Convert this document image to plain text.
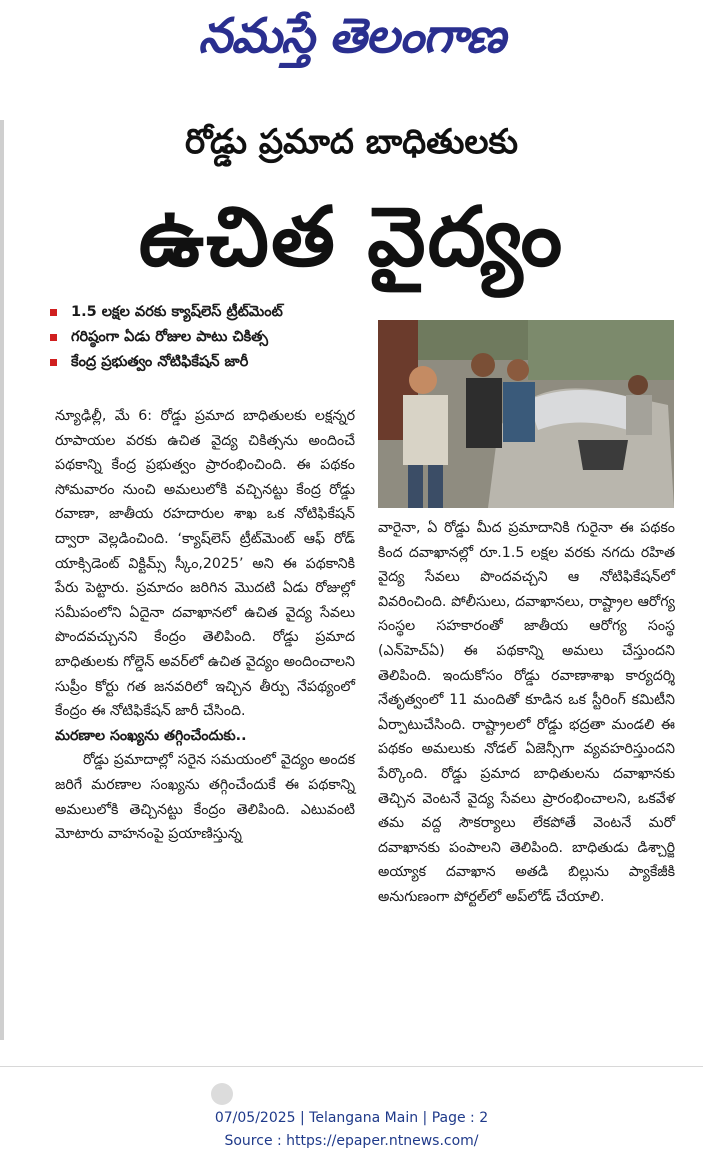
నమస్తే తెలంగాణ
రోడ్డు ప్రమాద బాధితులకు
ఉచిత వైద్యం
1.5 లక్షల వరకు క్యాష్‌లెస్ ట్రీట్‌మెంట్
గరిష్ఠంగా ఏడు రోజుల పాటు చికిత్స
కేంద్ర ప్రభుత్వం నోటిఫికేషన్ జారీ

న్యూఢిల్లీ, మే 6: రోడ్డు ప్రమాద బాధితులకు లక్షన్నర రూపాయల వరకు ఉచిత వైద్య చికిత్సను అందించే పథకాన్ని కేంద్ర ప్రభుత్వం ప్రారంభించింది. ఈ పథకం సోమవారం నుంచి అమలులోకి వచ్చినట్టు కేంద్ర రోడ్డు రవాణా, జాతీయ రహదారుల శాఖ ఒక నోటిఫికేషన్ ద్వారా వెల్లడించింది. ‘క్యాష్‌లెస్ ట్రీట్‌మెంట్ ఆఫ్ రోడ్ యాక్సిడెంట్ విక్టిమ్స్ స్కీం,2025’ అని ఈ పథకానికి పేరు పెట్టారు. ప్రమాదం జరిగిన మొదటి ఏడు రోజుల్లో సమీపంలోని ఏదైనా దవాఖానలో ఉచిత వైద్య సేవలు పొందవచ్చునని కేంద్రం తెలిపింది. రోడ్డు ప్రమాద బాధితులకు గోల్డెన్ అవర్‌లో ఉచిత వైద్యం అందించాలని సుప్రీం కోర్టు గత జనవరిలో ఇచ్చిన తీర్పు నేపథ్యంలో కేంద్రం ఈ నోటిఫికేషన్ జారీ చేసింది.

మరణాల సంఖ్యను తగ్గించేందుకు..

రోడ్డు ప్రమాదాల్లో సరైన సమయంలో వైద్యం అందక జరిగే మరణాల సంఖ్యను తగ్గించేందుకే ఈ పథకాన్ని అమలులోకి తెచ్చినట్టు కేంద్రం తెలిపింది. ఎటువంటి మోటారు వాహనంపై ప్రయాణిస్తున్న

వారైనా, ఏ రోడ్డు మీద ప్రమాదానికి గురైనా ఈ పథకం కింద దవాఖానల్లో రూ.1.5 లక్షల వరకు నగదు రహిత వైద్య సేవలు పొందవచ్చని ఆ నోటిఫికేషన్‌లో వివరించింది. పోలీసులు, దవాఖానలు, రాష్ట్రాల ఆరోగ్య సంస్థల సహకారంతో జాతీయ ఆరోగ్య సంస్థ (ఎన్‌హెచ్‌ఏ) ఈ పథకాన్ని అమలు చేస్తుందని తెలిపింది. ఇందుకోసం రోడ్డు రవాణాశాఖ కార్యదర్శి నేతృత్వంలో 11 మందితో కూడిన ఒక స్టీరింగ్ కమిటీని ఏర్పాటుచేసింది. రాష్ట్రాలలో రోడ్డు భద్రతా మండలి ఈ పథకం అమలుకు నోడల్ ఏజెన్సీగా వ్యవహరిస్తుందని పేర్కొంది. రోడ్డు ప్రమాద బాధితులను దవాఖానకు తెచ్చిన వెంటనే వైద్య సేవలు ప్రారంభించాలని, ఒకవేళ తమ వద్ద సౌకర్యాలు లేకపోతే వెంటనే మరో దవాఖానకు పంపాలని తెలిపింది. బాధితుడు డిశ్చార్జి అయ్యాక దవాఖాన అతడి బిల్లును ప్యాకేజీకి అనుగుణంగా పోర్టల్‌లో అప్‌లోడ్ చేయాలి.

07/05/2025 | Telangana Main | Page : 2
Source : https://epaper.ntnews.com/
